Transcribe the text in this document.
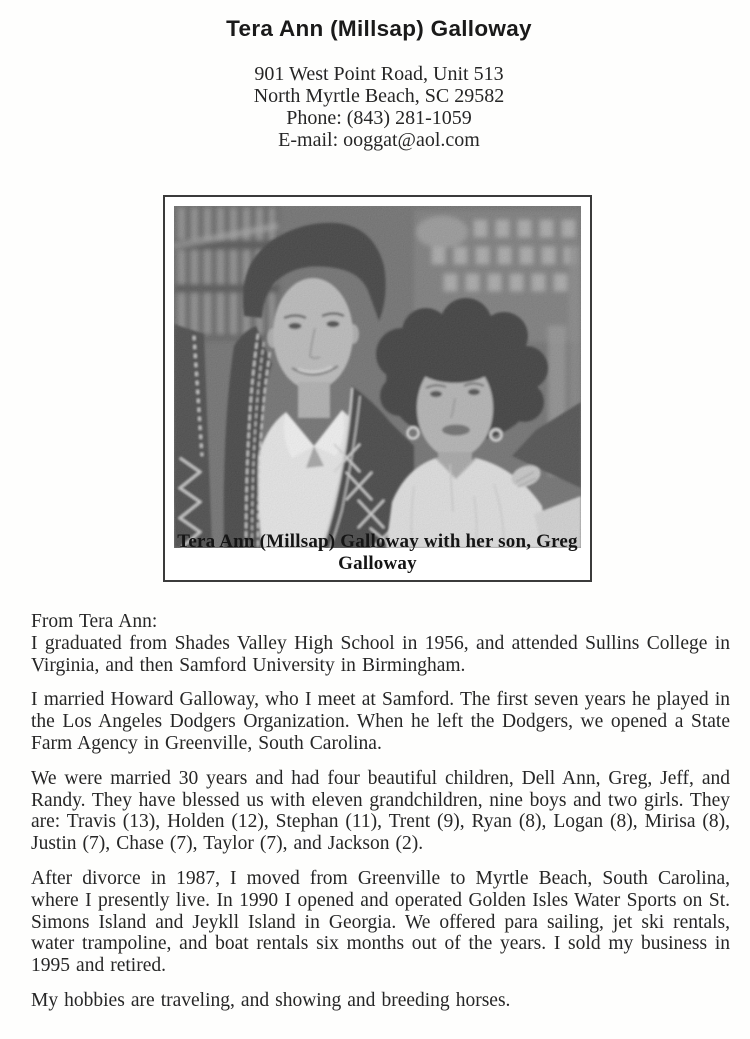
Tera Ann (Millsap) Galloway
901 West Point Road, Unit 513
North Myrtle Beach, SC 29582
Phone: (843) 281-1059
E-mail: ooggat@aol.com
Tera Ann (Millsap) Galloway with her son, Greg Galloway

From Tera Ann:

I graduated from Shades Valley High School in 1956, and attended Sullins College in Virginia, and then Samford University in Birmingham.

I married Howard Galloway, who I meet at Samford. The first seven years he played in the Los Angeles Dodgers Organization. When he left the Dodgers, we opened a State Farm Agency in Greenville, South Carolina.

We were married 30 years and had four beautiful children, Dell Ann, Greg, Jeff, and Randy. They have blessed us with eleven grandchildren, nine boys and two girls. They are: Travis (13), Holden (12), Stephan (11), Trent (9), Ryan (8), Logan (8), Mirisa (8), Justin (7), Chase (7), Taylor (7), and Jackson (2).

After divorce in 1987, I moved from Greenville to Myrtle Beach, South Carolina, where I presently live. In 1990 I opened and operated Golden Isles Water Sports on St. Simons Island and Jeykll Island in Georgia. We offered para sailing, jet ski rentals, water trampoline, and boat rentals six months out of the years. I sold my business in 1995 and retired.

My hobbies are traveling, and showing and breeding horses.
